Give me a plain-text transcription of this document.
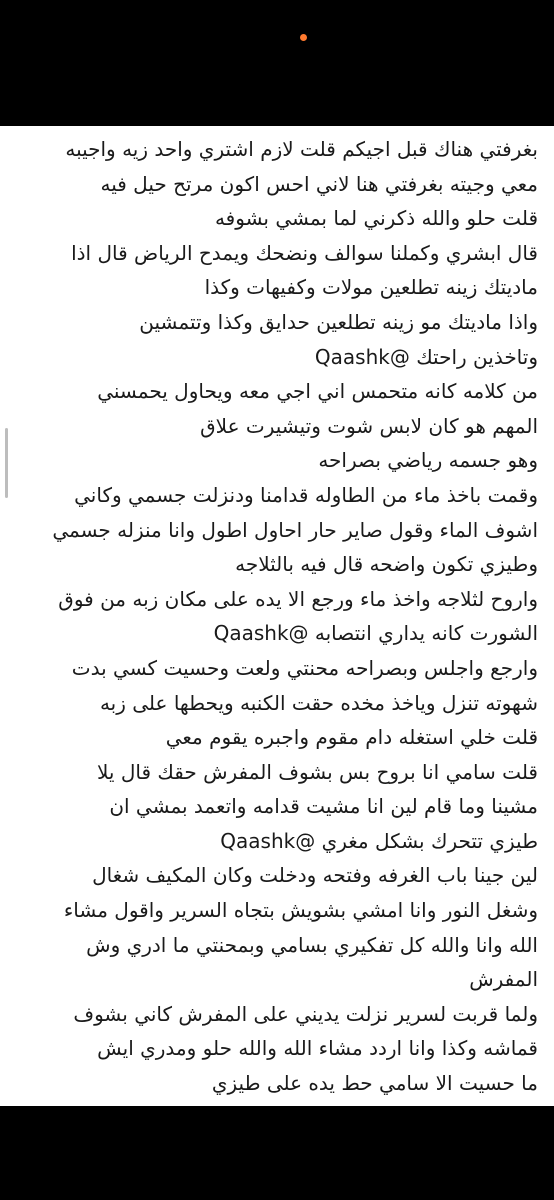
بغرفتي هناك قبل اجيكم قلت لازم اشتري واحد زيه واجيبه
معي وجيته بغرفتي هنا لاني احس اكون مرتح حيل فيه
قلت حلو والله ذكرني لما بمشي بشوفه
قال ابشري وكملنا سوالف ونضحك ويمدح الرياض قال اذا
ماديتك زينه تطلعين مولات وكفيهات وكذا
واذا ماديتك مو زينه تطلعين حدايق وكذا وتتمشين
وتاخذين راحتك @Qaashk
من كلامه كانه متحمس اني اجي معه ويحاول يحمسني
المهم هو كان لابس شوت وتيشيرت علاق
وهو جسمه رياضي بصراحه
وقمت باخذ ماء من الطاوله قدامنا ودنزلت جسمي وكاني
اشوف الماء وقول صاير حار احاول اطول وانا منزله جسمي
وطيزي تكون واضحه قال فيه بالثلاجه
واروح لثلاجه واخذ ماء ورجع الا يده على مكان زبه من فوق
الشورت كانه يداري انتصابه @Qaashk
وارجع واجلس وبصراحه محنتي ولعت وحسيت كسي بدت
شهوته تنزل وياخذ مخده حقت الكنبه ويحطها على زبه
قلت خلي استغله دام مقوم واجبره يقوم معي
قلت سامي انا بروح بس بشوف المفرش حقك قال يلا
مشينا وما قام لين انا مشيت قدامه واتعمد بمشي ان
طيزي تتحرك بشكل مغري @Qaashk
لين جينا باب الغرفه وفتحه ودخلت وكان المكيف شغال
وشغل النور وانا امشي بشويش بتجاه السرير واقول مشاء
الله وانا والله كل تفكيري بسامي وبمحنتي ما ادري وش
المفرش
ولما قربت لسرير نزلت يديني على المفرش كاني بشوف
قماشه وكذا وانا اردد مشاء الله والله حلو ومدري ايش
ما حسيت الا سامي حط يده على طيزي
